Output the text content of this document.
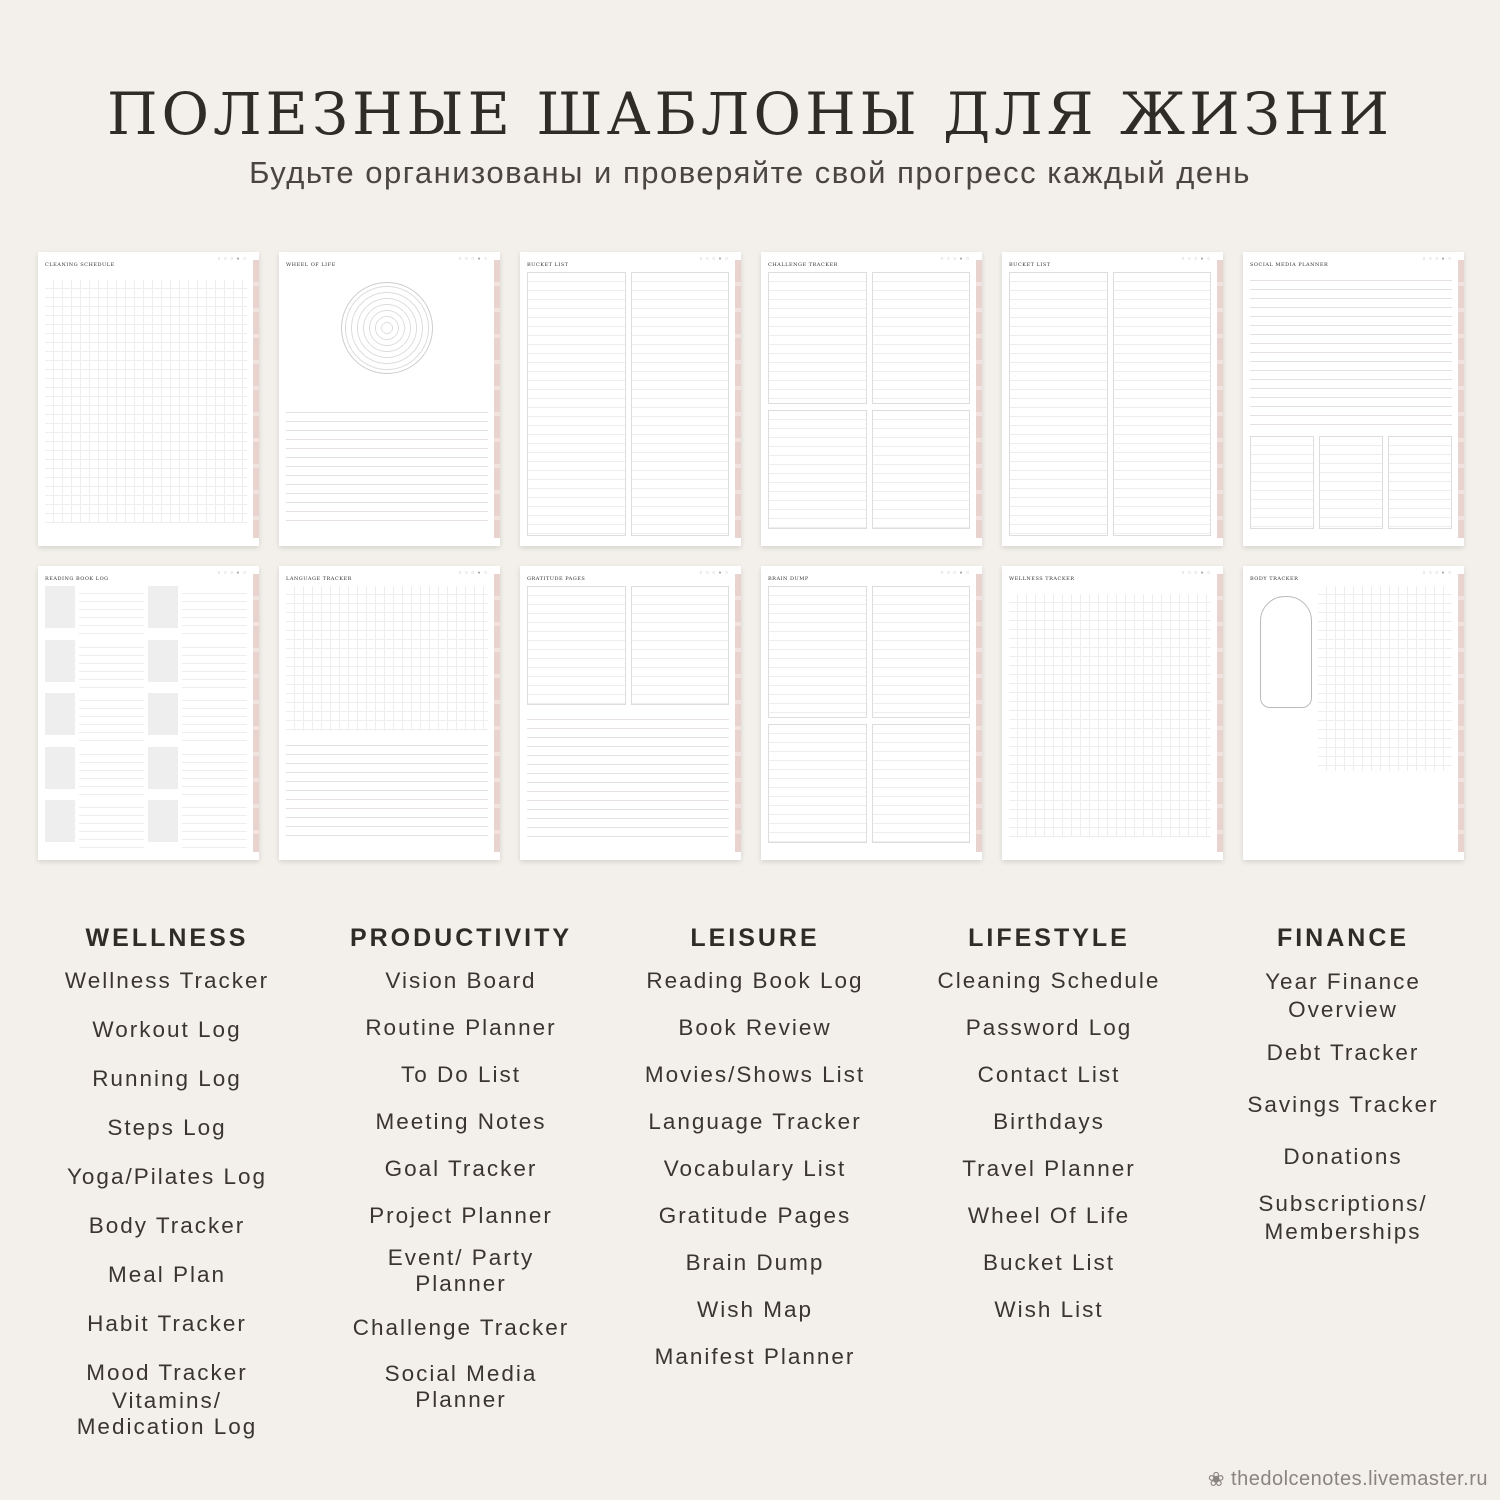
ПОЛЕЗНЫЕ ШАБЛОНЫ ДЛЯ ЖИЗНИ
Будьте организованы и проверяйте свой прогресс каждый день
○ ○ ○ ● ○
CLEANING SCHEDULE
○ ○ ○ ● ○
WHEEL OF LIFE
○ ○ ○ ● ○
BUCKET LIST
○ ○ ○ ● ○
CHALLENGE TRACKER
○ ○ ○ ● ○
BUCKET LIST
○ ○ ○ ● ○
SOCIAL MEDIA PLANNER
○ ○ ○ ● ○
READING BOOK LOG
○ ○ ○ ● ○
LANGUAGE TRACKER
○ ○ ○ ● ○
GRATITUDE PAGES
○ ○ ○ ● ○
BRAIN DUMP
○ ○ ○ ● ○
WELLNESS TRACKER
○ ○ ○ ● ○
BODY TRACKER
WELLNESS
Wellness Tracker
Workout Log
Running Log
Steps Log
Yoga/Pilates Log
Body Tracker
Meal Plan
Habit Tracker
Mood Tracker
Vitamins/ Medication Log
PRODUCTIVITY
Vision Board
Routine Planner
To Do List
Meeting Notes
Goal Tracker
Project Planner
Event/ Party Planner
Challenge Tracker
Social Media Planner
LEISURE
Reading Book Log
Book Review
Movies/Shows List
Language Tracker
Vocabulary List
Gratitude Pages
Brain Dump
Wish Map
Manifest Planner
LIFESTYLE
Cleaning Schedule
Password Log
Contact List
Birthdays
Travel Planner
Wheel Of Life
Bucket List
Wish List
FINANCE
Year Finance Overview
Debt Tracker
Savings Tracker
Donations
Subscriptions/ Memberships
❀ thedolcenotes.livemaster.ru
